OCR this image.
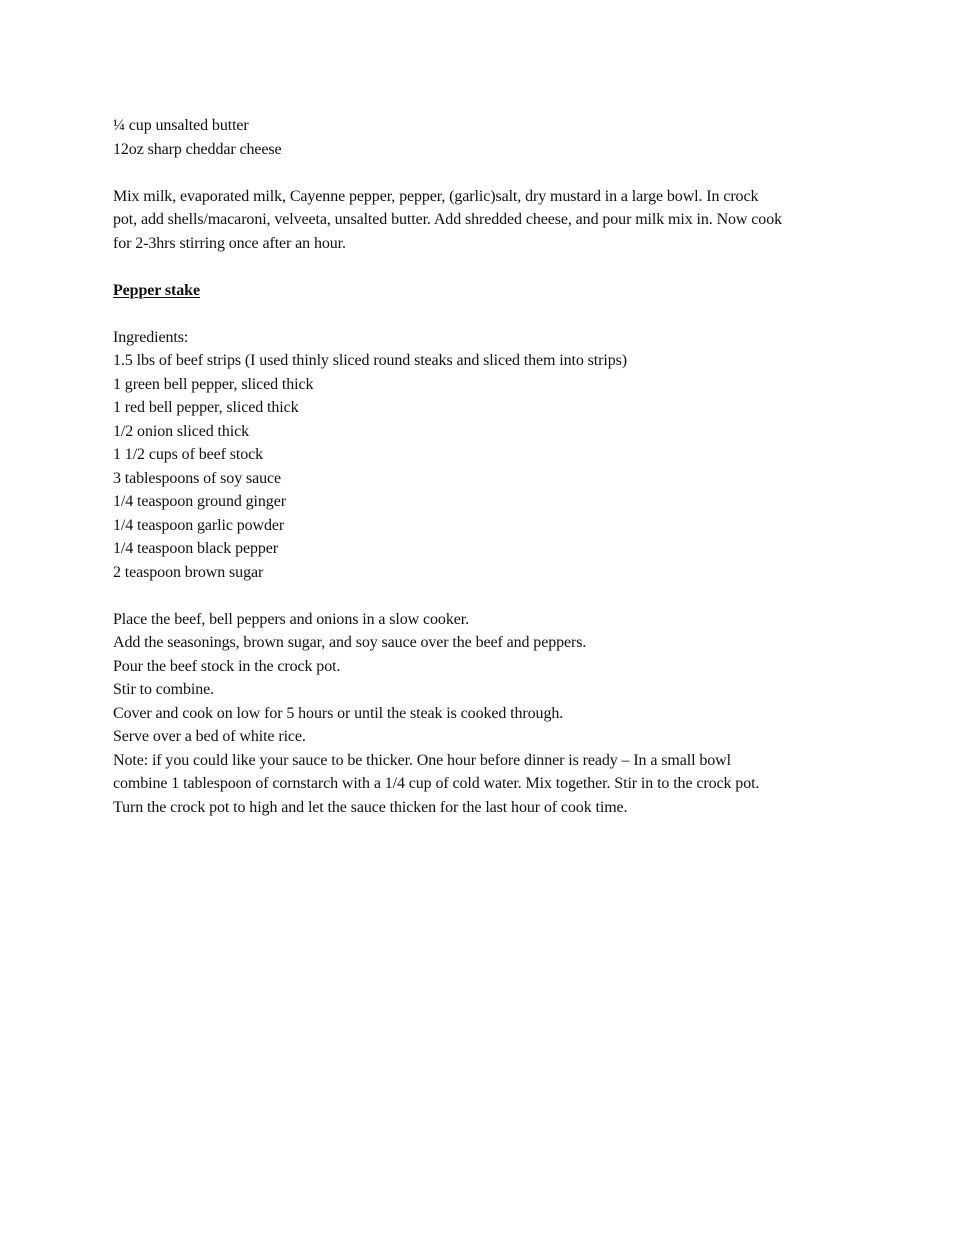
¼ cup unsalted butter
12oz sharp cheddar cheese
Mix milk, evaporated milk, Cayenne pepper, pepper, (garlic)salt, dry mustard in a large bowl. In crock
pot, add shells/macaroni, velveeta, unsalted butter. Add shredded cheese, and pour milk mix in. Now cook
for 2-3hrs stirring once after an hour.
Pepper stake
Ingredients:
1.5 lbs of beef strips (I used thinly sliced round steaks and sliced them into strips)
1 green bell pepper, sliced thick
1 red bell pepper, sliced thick
1/2 onion sliced thick
1 1/2 cups of beef stock
3 tablespoons of soy sauce
1/4 teaspoon ground ginger
1/4 teaspoon garlic powder
1/4 teaspoon black pepper
2 teaspoon brown sugar
Place the beef, bell peppers and onions in a slow cooker.
Add the seasonings, brown sugar, and soy sauce over the beef and peppers.
Pour the beef stock in the crock pot.
Stir to combine.
Cover and cook on low for 5 hours or until the steak is cooked through.
Serve over a bed of white rice.
Note: if you could like your sauce to be thicker. One hour before dinner is ready – In a small bowl
combine 1 tablespoon of cornstarch with a 1/4 cup of cold water. Mix together. Stir in to the crock pot.
Turn the crock pot to high and let the sauce thicken for the last hour of cook time.
